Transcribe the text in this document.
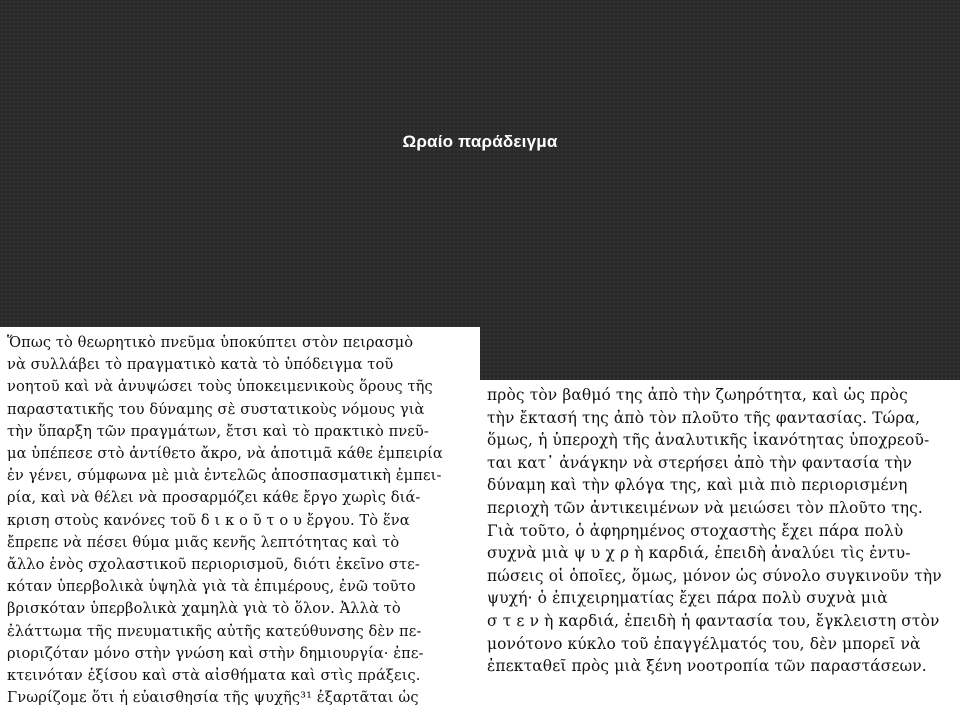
Ωραίο παράδειγμα
Ὅπως τὸ θεωρητικὸ πνεῦμα ὑποκύπτει στὸν πειρασμὸ
νὰ συλλάβει τὸ πραγματικὸ κατὰ τὸ ὑπόδειγμα τοῦ
νοητοῦ καὶ νὰ ἀνυψώσει τοὺς ὑποκειμενικοὺς ὅρους τῆς
παραστατικῆς του δύναμης σὲ συστατικοὺς νόμους γιὰ
τὴν ὕπαρξη τῶν πραγμάτων, ἔτσι καὶ τὸ πρακτικὸ πνεῦ-
μα ὑπέπεσε στὸ ἀντίθετο ἄκρο, νὰ ἀποτιμᾶ κάθε ἐμπειρία
ἐν γένει, σύμφωνα μὲ μιὰ ἐντελῶς ἀποσπασματικὴ ἐμπει-
ρία, καὶ νὰ θέλει νὰ προσαρμόζει κάθε ἔργο χωρὶς διά-
κριση στοὺς κανόνες τοῦ δ ι κ ο ῦ τ ο υ ἔργου. Τὸ ἕνα
ἔπρεπε νὰ πέσει θύμα μιᾶς κενῆς λεπτότητας καὶ τὸ
ἄλλο ἑνὸς σχολαστικοῦ περιορισμοῦ, διότι ἐκεῖνο στε-
κόταν ὑπερβολικὰ ὑψηλὰ γιὰ τὰ ἐπιμέρους, ἐνῶ τοῦτο
βρισκόταν ὑπερβολικὰ χαμηλὰ γιὰ τὸ ὅλον. Ἀλλὰ τὸ
ἐλάττωμα τῆς πνευματικῆς αὐτῆς κατεύθυνσης δὲν πε-
ριοριζόταν μόνο στὴν γνώση καὶ στὴν δημιουργία· ἐπε-
κτεινόταν ἐξίσου καὶ στὰ αἰσθήματα καὶ στὶς πράξεις.
Γνωρίζομε ὅτι ἡ εὐαισθησία τῆς ψυχῆς³¹ ἐξαρτᾶται ὡς
πρὸς τὸν βαθμό της ἀπὸ τὴν ζωηρότητα, καὶ ὡς πρὸς
τὴν ἔκτασή της ἀπὸ τὸν πλοῦτο τῆς φαντασίας. Τώρα,
ὅμως, ἡ ὑπεροχὴ τῆς ἀναλυτικῆς ἱκανότητας ὑποχρεοῦ-
ται κατ᾽ ἀνάγκην νὰ στερήσει ἀπὸ τὴν φαντασία τὴν
δύναμη καὶ τὴν φλόγα της, καὶ μιὰ πιὸ περιορισμένη
περιοχὴ τῶν ἀντικειμένων νὰ μειώσει τὸν πλοῦτο της.
Γιὰ τοῦτο, ὁ ἀφηρημένος στοχαστὴς ἔχει πάρα πολὺ
συχνὰ μιὰ ψ υ χ ρ ὴ καρδιά, ἐπειδὴ ἀναλύει τὶς ἐντυ-
πώσεις οἱ ὁποῖες, ὅμως, μόνον ὡς σύνολο συγκινοῦν τὴν
ψυχή· ὁ ἐπιχειρηματίας ἔχει πάρα πολὺ συχνὰ μιὰ
σ τ ε ν ὴ καρδιά, ἐπειδὴ ἡ φαντασία του, ἔγκλειστη στὸν
μονότονο κύκλο τοῦ ἐπαγγέλματός του, δὲν μπορεῖ νὰ
ἐπεκταθεῖ πρὸς μιὰ ξένη νοοτροπία τῶν παραστάσεων.
